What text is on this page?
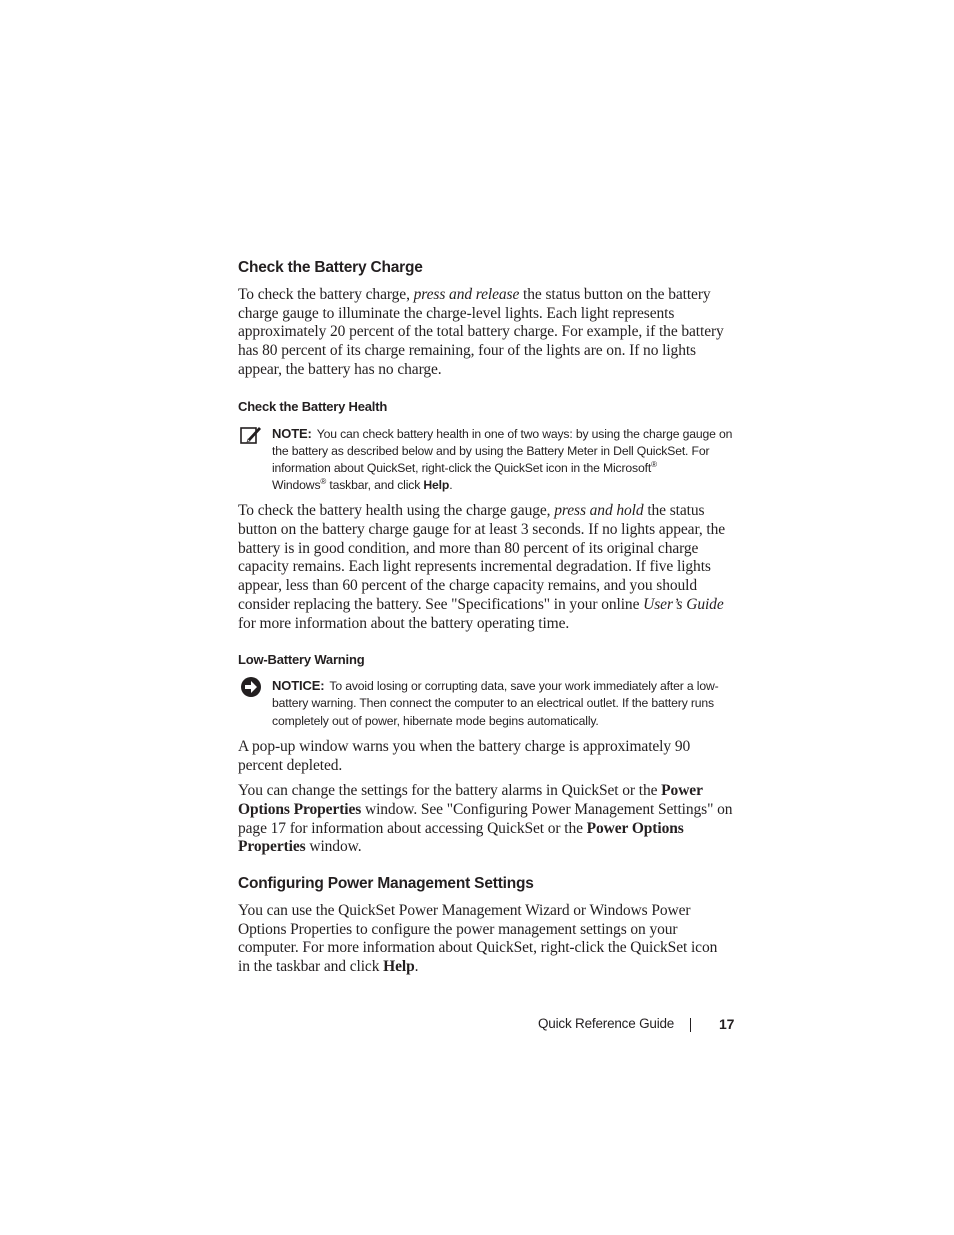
Check the Battery Charge

To check the battery charge, press and release the status button on the battery charge gauge to illuminate the charge-level lights. Each light represents approximately 20 percent of the total battery charge. For example, if the battery has 80 percent of its charge remaining, four of the lights are on. If no lights appear, the battery has no charge.

Check the Battery Health
NOTE: You can check battery health in one of two ways: by using the charge gauge on the battery as described below and by using the Battery Meter in Dell QuickSet. For information about QuickSet, right-click the QuickSet icon in the Microsoft®
Windows® taskbar, and click Help.

To check the battery health using the charge gauge, press and hold the status button on the battery charge gauge for at least 3 seconds. If no lights appear, the battery is in good condition, and more than 80 percent of its original charge capacity remains. Each light represents incremental degradation. If five lights appear, less than 60 percent of the charge capacity remains, and you should consider replacing the battery. See "Specifications" in your online User’s Guide for more information about the battery operating time.

Low-Battery Warning
NOTICE: To avoid losing or corrupting data, save your work immediately after a low-battery warning. Then connect the computer to an electrical outlet. If the battery runs completely out of power, hibernate mode begins automatically.

A pop-up window warns you when the battery charge is approximately 90 percent depleted.

You can change the settings for the battery alarms in QuickSet or the Power Options Properties window. See "Configuring Power Management Settings" on page 17 for information about accessing QuickSet or the Power Options Properties window.

Configuring Power Management Settings

You can use the QuickSet Power Management Wizard or Windows Power Options Properties to configure the power management settings on your computer. For more information about QuickSet, right-click the QuickSet icon in the taskbar and click Help.

Quick Reference Guide	17
